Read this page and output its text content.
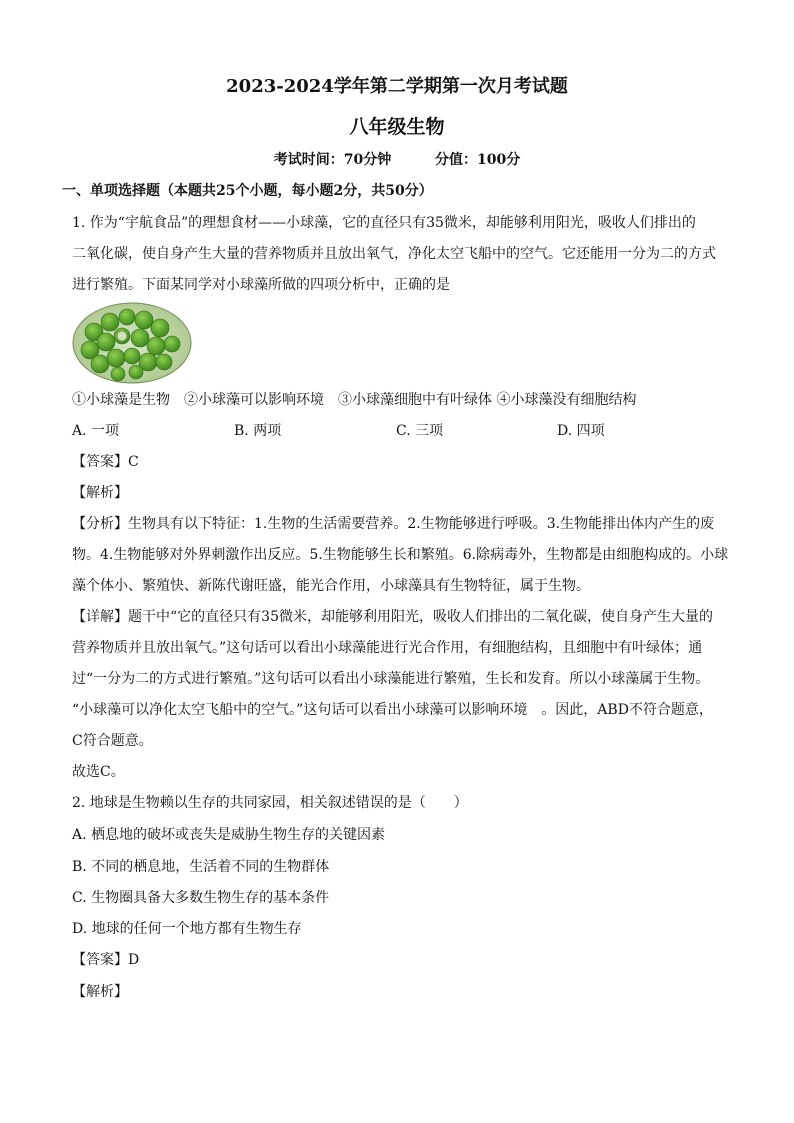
2023-2024学年第二学期第一次月考试题
八年级生物
考试时间：70分钟	分值：100分
一、单项选择题（本题共25个小题，每小题2分，共50分）
1. 作为“宇航食品”的理想食材——小球藻，它的直径只有35微米，却能够利用阳光，吸收人们排出的
二氧化碳，使自身产生大量的营养物质并且放出氧气，净化太空飞船中的空气。它还能用一分为二的方式
进行繁殖。下面某同学对小球藻所做的四项分析中，正确的是
①小球藻是生物　②小球藻可以影响环境　③小球藻细胞中有叶绿体 ④小球藻没有细胞结构
A. 一项	B. 两项	C. 三项	D. 四项
【答案】C
【解析】
【分析】生物具有以下特征：1.生物的生活需要营养。2.生物能够进行呼吸。3.生物能排出体内产生的废
物。4.生物能够对外界刺激作出反应。5.生物能够生长和繁殖。6.除病毒外，生物都是由细胞构成的。小球
藻个体小、繁殖快、新陈代谢旺盛，能光合作用，小球藻具有生物特征，属于生物。
【详解】题干中“它的直径只有35微米，却能够利用阳光，吸收人们排出的二氧化碳，使自身产生大量的
营养物质并且放出氧气。”这句话可以看出小球藻能进行光合作用，有细胞结构，且细胞中有叶绿体；通
过“一分为二的方式进行繁殖。”这句话可以看出小球藻能进行繁殖，生长和发育。所以小球藻属于生物。
“小球藻可以净化太空飞船中的空气。”这句话可以看出小球藻可以影响环境　。因此，ABD不符合题意，
C符合题意。
故选C。
2. 地球是生物赖以生存的共同家园，相关叙述错误的是（　　）
A. 栖息地的破坏或丧失是威胁生物生存的关键因素
B. 不同的栖息地，生活着不同的生物群体
C. 生物圈具备大多数生物生存的基本条件
D. 地球的任何一个地方都有生物生存
【答案】D
【解析】
